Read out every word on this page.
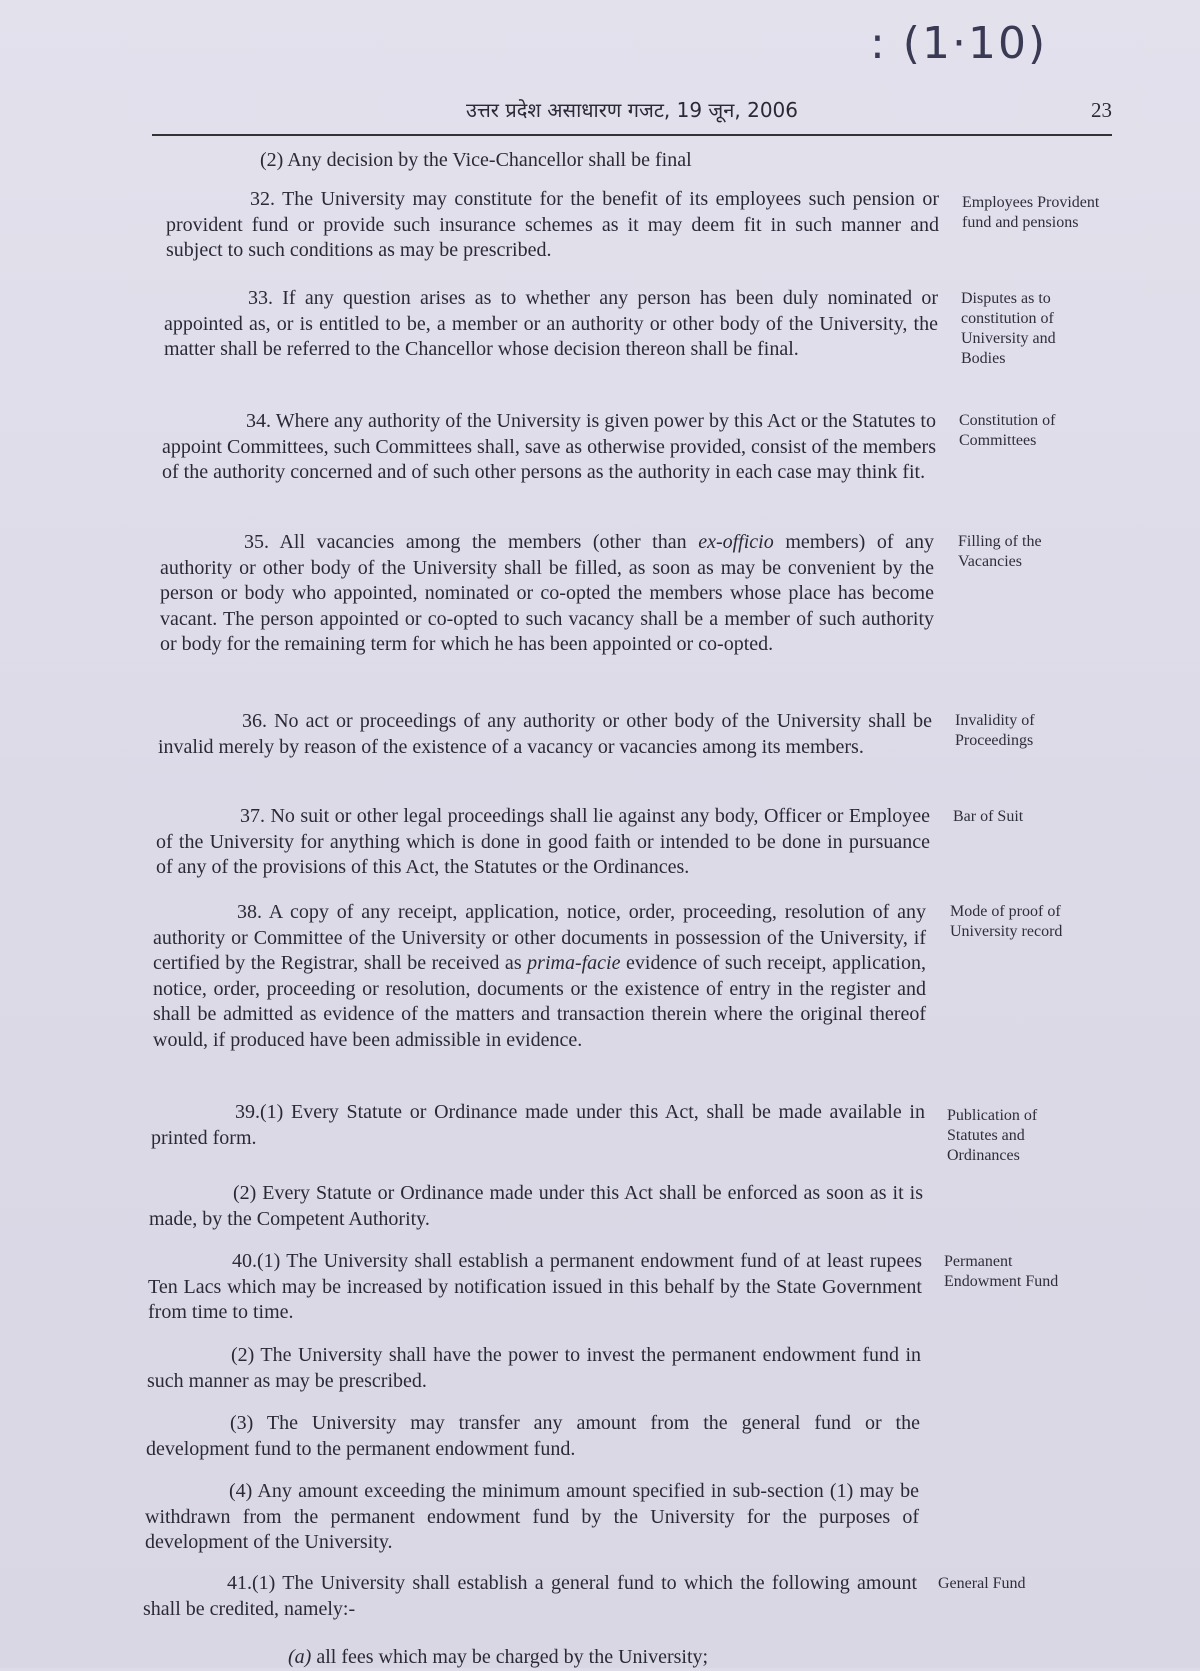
: (1·10)
उत्तर प्रदेश असाधारण गजट, 19 जून, 2006	23
(2) Any decision by the Vice-Chancellor shall be final

32. The University may constitute for the benefit of its employees such pension or provident fund or provide such insurance schemes as it may deem fit in such manner and subject to such conditions as may be prescribed.

Employees Provident fund and pensions

33. If any question arises as to whether any person has been duly nominated or appointed as, or is entitled to be, a member or an authority or other body of the University, the matter shall be referred to the Chancellor whose decision thereon shall be final.

Disputes as to constitution of University and Bodies

34. Where any authority of the University is given power by this Act or the Statutes to appoint Committees, such Committees shall, save as otherwise provided, consist of the members of the authority concerned and of such other persons as the authority in each case may think fit.

Constitution of Committees

35. All vacancies among the members (other than ex-officio members) of any authority or other body of the University shall be filled, as soon as may be convenient by the person or body who appointed, nominated or co-opted the members whose place has become vacant. The person appointed or co-opted to such vacancy shall be a member of such authority or body for the remaining term for which he has been appointed or co-opted.

Filling of the Vacancies

36. No act or proceedings of any authority or other body of the University shall be invalid merely by reason of the existence of a vacancy or vacancies among its members.

Invalidity of Proceedings

37. No suit or other legal proceedings shall lie against any body, Officer or Employee of the University for anything which is done in good faith or intended to be done in pursuance of any of the provisions of this Act, the Statutes or the Ordinances.

Bar of Suit

38. A copy of any receipt, application, notice, order, proceeding, resolution of any authority or Committee of the University or other documents in possession of the University, if certified by the Registrar, shall be received as prima-facie evidence of such receipt, application, notice, order, proceeding or resolution, documents or the existence of entry in the register and shall be admitted as evidence of the matters and transaction therein where the original thereof would, if produced have been admissible in evidence.

Mode of proof of University record

39.(1) Every Statute or Ordinance made under this Act, shall be made available in printed form.

Publication of Statutes and Ordinances

(2) Every Statute or Ordinance made under this Act shall be enforced as soon as it is made, by the Competent Authority.

40.(1) The University shall establish a permanent endowment fund of at least rupees Ten Lacs which may be increased by notification issued in this behalf by the State Government from time to time.

Permanent Endowment Fund

(2) The University shall have the power to invest the permanent endowment fund in such manner as may be prescribed.

(3) The University may transfer any amount from the general fund or the development fund to the permanent endowment fund.

(4) Any amount exceeding the minimum amount specified in sub-section (1) may be withdrawn from the permanent endowment fund by the University for the purposes of development of the University.

41.(1) The University shall establish a general fund to which the following amount shall be credited, namely:-

General Fund

(a) all fees which may be charged by the University;
